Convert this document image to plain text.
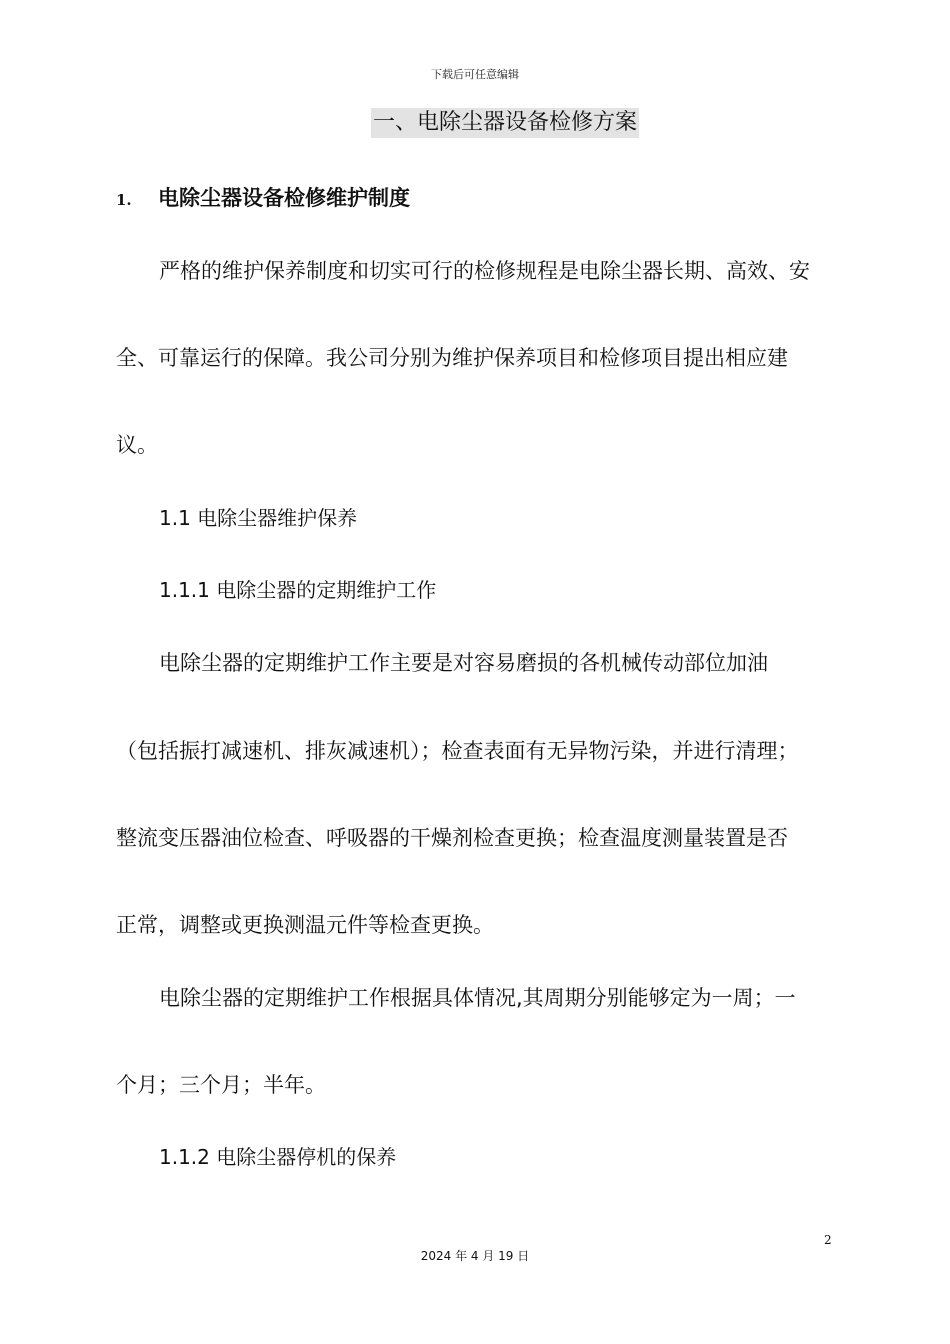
下载后可任意编辑
一、电除尘器设备检修方案
1. 电除尘器设备检修维护制度
严格的维护保养制度和切实可行的检修规程是电除尘器长期、高效、安
全、可靠运行的保障。我公司分别为维护保养项目和检修项目提出相应建
议。
1.1 电除尘器维护保养
1.1.1 电除尘器的定期维护工作
电除尘器的定期维护工作主要是对容易磨损的各机械传动部位加油
（包括振打减速机、排灰减速机）；检查表面有无异物污染，并进行清理；
整流变压器油位检查、呼吸器的干燥剂检查更换；检查温度测量装置是否
正常，调整或更换测温元件等检查更换。
电除尘器的定期维护工作根据具体情况,其周期分别能够定为一周；一
个月；三个月；半年。
1.1.2 电除尘器停机的保养
2
2024 年 4 月 19 日
